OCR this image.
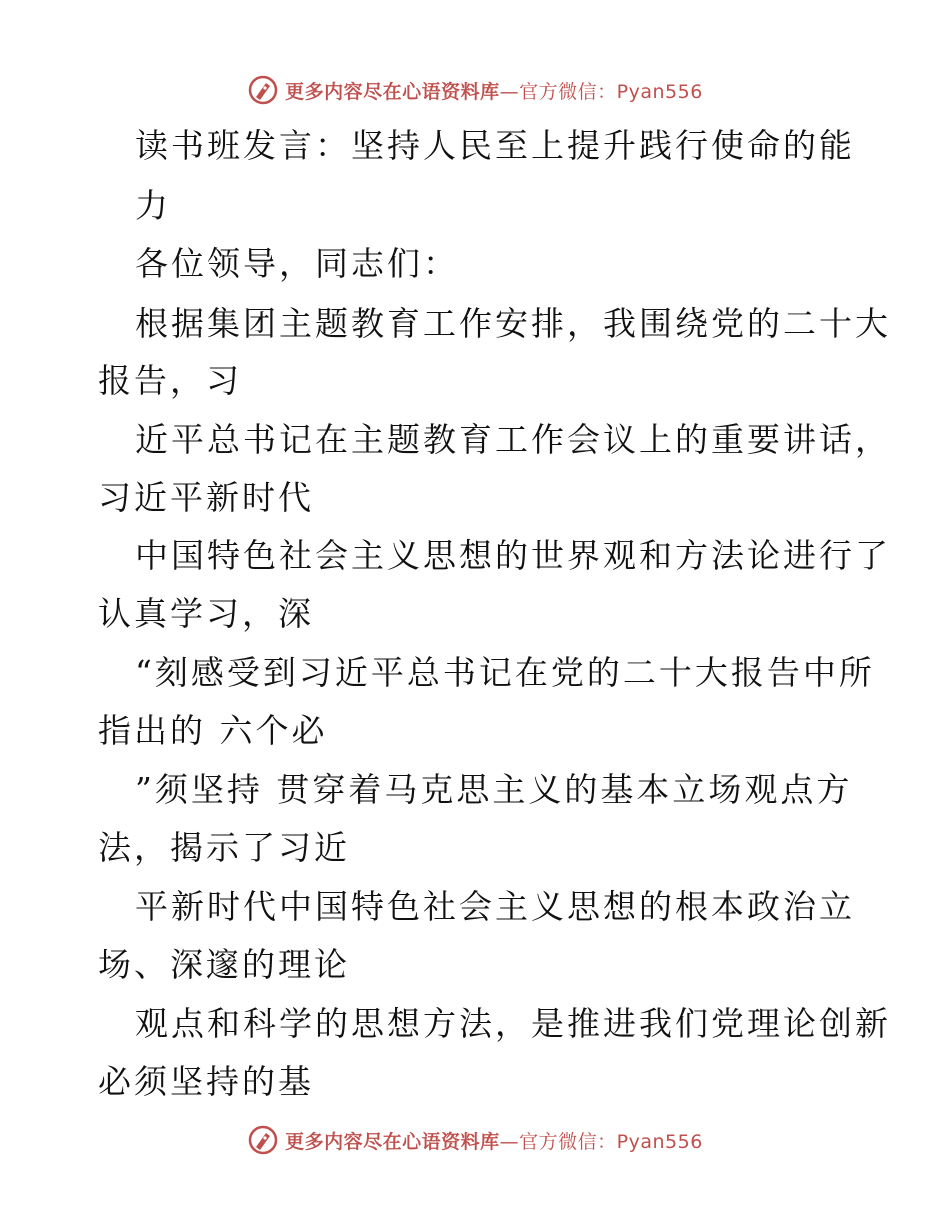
更多内容尽在心语资料库—官方微信：Pyan556
读书班发言：坚持人民至上提升践行使命的能
力
各位领导，同志们：
根据集团主题教育工作安排，我围绕党的二十大
报告，习
近平总书记在主题教育工作会议上的重要讲话，
习近平新时代
中国特色社会主义思想的世界观和方法论进行了
认真学习，深
“刻感受到习近平总书记在党的二十大报告中所
指出的 六个必
”须坚持 贯穿着马克思主义的基本立场观点方
法，揭示了习近
平新时代中国特色社会主义思想的根本政治立
场、深邃的理论
观点和科学的思想方法，是推进我们党理论创新
必须坚持的基
更多内容尽在心语资料库—官方微信：Pyan556
